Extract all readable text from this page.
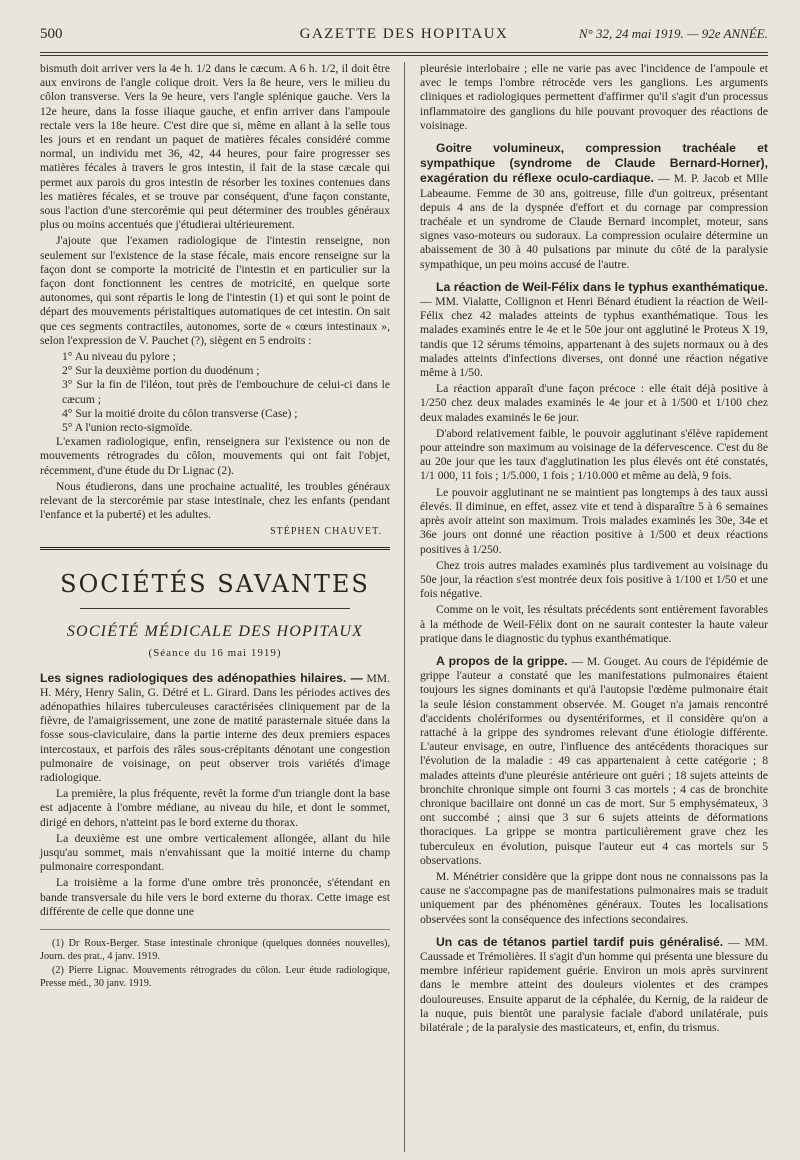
500	GAZETTE DES HOPITAUX	N° 32, 24 mai 1919. — 92e ANNÉE.

bismuth doit arriver vers la 4e h. 1/2 dans le cæcum. A 6 h. 1/2, il doit être aux environs de l'angle colique droit. Vers la 8e heure, vers le milieu du côlon transverse. Vers la 9e heure, vers l'angle splénique gauche. Vers la 12e heure, dans la fosse iliaque gauche, et enfin arriver dans l'ampoule rectale vers la 18e heure. C'est dire que si, même en allant à la selle tous les jours et en rendant un paquet de matières fécales considéré comme normal, un individu met 36, 42, 44 heures, pour faire progresser ses matières fécales à travers le gros intestin, il fait de la stase cæcale qui permet aux parois du gros intestin de résorber les toxines contenues dans les matières fécales, et se trouve par conséquent, d'une façon constante, sous l'action d'une stercorémie qui peut déterminer des troubles généraux plus ou moins accentués que j'étudierai ultérieurement.

J'ajoute que l'examen radiologique de l'intestin renseigne, non seulement sur l'existence de la stase fécale, mais encore renseigne sur la façon dont se comporte la motricité de l'intestin et en particulier sur la façon dont fonctionnent les centres de motricité, en quelque sorte autonomes, qui sont répartis le long de l'intestin (1) et qui sont le point de départ des mouvements péristaltiques automatiques de cet intestin. On sait que ces segments contractiles, autonomes, sorte de « cœurs intestinaux », selon l'expression de V. Pauchet (?), siègent en 5 endroits :

1° Au niveau du pylore ;

2° Sur la deuxième portion du duodénum ;

3° Sur la fin de l'iléon, tout près de l'embouchure de celui-ci dans le cæcum ;

4° Sur la moitié droite du côlon transverse (Case) ;

5° A l'union recto-sigmoïde.

L'examen radiologique, enfin, renseignera sur l'existence ou non de mouvements rétrogrades du côlon, mouvements qui ont fait l'objet, récemment, d'une étude du Dr Lignac (2).

Nous étudierons, dans une prochaine actualité, les troubles généraux relevant de la stercorémie par stase intestinale, chez les enfants (pendant l'enfance et la puberté) et les adultes.

STÉPHEN CHAUVET.
SOCIÉTÉS SAVANTES
SOCIÉTÉ MÉDICALE DES HOPITAUX
(Séance du 16 mai 1919)

Les signes radiologiques des adénopathies hilaires. — MM. H. Méry, Henry Salin, G. Détré et L. Girard. Dans les périodes actives des adénopathies hilaires tuberculeuses caractérisées cliniquement par de la fièvre, de l'amaigrissement, une zone de matité parasternale située dans la fosse sous-claviculaire, dans la partie interne des deux premiers espaces intercostaux, et parfois des râles sous-crépitants dénotant une congestion pulmonaire de voisinage, on peut observer trois variétés d'image radiologique.

La première, la plus fréquente, revêt la forme d'un triangle dont la base est adjacente à l'ombre médiane, au niveau du hile, et dont le sommet, dirigé en dehors, n'atteint pas le bord externe du thorax.

La deuxième est une ombre verticalement allongée, allant du hile jusqu'au sommet, mais n'envahissant que la moitié interne du champ pulmonaire correspondant.

La troisième a la forme d'une ombre très prononcée, s'étendant en bande transversale du hile vers le bord externe du thorax. Cette image est différente de celle que donne une

(1) Dr Roux-Berger. Stase intestinale chronique (quelques données nouvelles), Journ. des prat., 4 janv. 1919.

(2) Pierre Lignac. Mouvements rétrogrades du côlon. Leur étude radiologique, Presse méd., 30 janv. 1919.

pleurésie interlobaire ; elle ne varie pas avec l'incidence de l'ampoule et avec le temps l'ombre rétrocède vers les ganglions. Les arguments cliniques et radiologiques permettent d'affirmer qu'il s'agit d'un processus inflammatoire des ganglions du hile pouvant provoquer des réactions de voisinage.

Goitre volumineux, compression trachéale et sympathique (syndrome de Claude Bernard-Horner), exagération du réflexe oculo-cardiaque. — M. P. Jacob et Mlle Labeaume. Femme de 30 ans, goitreuse, fille d'un goitreux, présentant depuis 4 ans de la dyspnée d'effort et du cornage par compression trachéale et un syndrome de Claude Bernard incomplet, moteur, sans signes vaso-moteurs ou sudoraux. La compression oculaire détermine un abaissement de 30 à 40 pulsations par minute du côté de la paralysie sympathique, un peu moins accusé de l'autre.

La réaction de Weil-Félix dans le typhus exanthématique. — MM. Vialatte, Collignon et Henri Bénard étudient la réaction de Weil-Félix chez 42 malades atteints de typhus exanthématique. Tous les malades examinés entre le 4e et le 50e jour ont agglutiné le Proteus X 19, tandis que 12 sérums témoins, appartenant à des sujets normaux ou à des malades atteints d'infections diverses, ont donné une réaction négative même à 1/50.

La réaction apparaît d'une façon précoce : elle était déjà positive à 1/250 chez deux malades examinés le 4e jour et à 1/500 et 1/100 chez deux malades examinés le 6e jour.

D'abord relativement faible, le pouvoir agglutinant s'élève rapidement pour atteindre son maximum au voisinage de la défervescence. C'est du 8e au 20e jour que les taux d'agglutination les plus élevés ont été constatés, 1/1 000, 11 fois ; 1/5.000, 1 fois ; 1/10.000 et même au delà, 9 fois.

Le pouvoir agglutinant ne se maintient pas longtemps à des taux aussi élevés. Il diminue, en effet, assez vite et tend à disparaître 5 à 6 semaines après avoir atteint son maximum. Trois malades examinés les 30e, 34e et 36e jours ont donné une réaction positive à 1/500 et deux réactions positives à 1/250.

Chez trois autres malades examinés plus tardivement au voisinage du 50e jour, la réaction s'est montrée deux fois positive à 1/100 et 1/50 et une fois négative.

Comme on le voit, les résultats précédents sont entièrement favorables à la méthode de Weil-Félix dont on ne saurait contester la haute valeur pratique dans le diagnostic du typhus exanthématique.

A propos de la grippe. — M. Gouget. Au cours de l'épidémie de grippe l'auteur a constaté que les manifestations pulmonaires étaient toujours les signes dominants et qu'à l'autopsie l'œdème pulmonaire était la seule lésion constamment observée. M. Gouget n'a jamais rencontré d'accidents cholériformes ou dysentériformes, et il considère qu'on a rattaché à la grippe des syndromes relevant d'une étiologie différente. L'auteur envisage, en outre, l'influence des antécédents thoraciques sur l'évolution de la maladie : 49 cas appartenaient à cette catégorie ; 8 malades atteints d'une pleurésie antérieure ont guéri ; 18 sujets atteints de bronchite chronique simple ont fourni 3 cas mortels ; 4 cas de bronchite chronique bacillaire ont donné un cas de mort. Sur 5 emphysémateux, 3 ont succombé ; ainsi que 3 sur 6 sujets atteints de déformations thoraciques. La grippe se montra particulièrement grave chez les tuberculeux en évolution, puisque l'auteur eut 4 cas mortels sur 5 observations.

M. Ménétrier considère que la grippe dont nous ne connaissons pas la cause ne s'accompagne pas de manifestations pulmonaires mais se traduit uniquement par des phénomènes généraux. Toutes les localisations observées sont la conséquence des infections secondaires.

Un cas de tétanos partiel tardif puis généralisé. — MM. Caussade et Trémolières. Il s'agit d'un homme qui présenta une blessure du membre inférieur rapidement guérie. Environ un mois après survinrent dans le membre atteint des douleurs violentes et des crampes douloureuses. Ensuite apparut de la céphalée, du Kernig, de la raideur de la nuque, puis bientôt une paralysie faciale d'abord unilatérale, puis bilatérale ; de la paralysie des masticateurs, et, enfin, du trismus.
